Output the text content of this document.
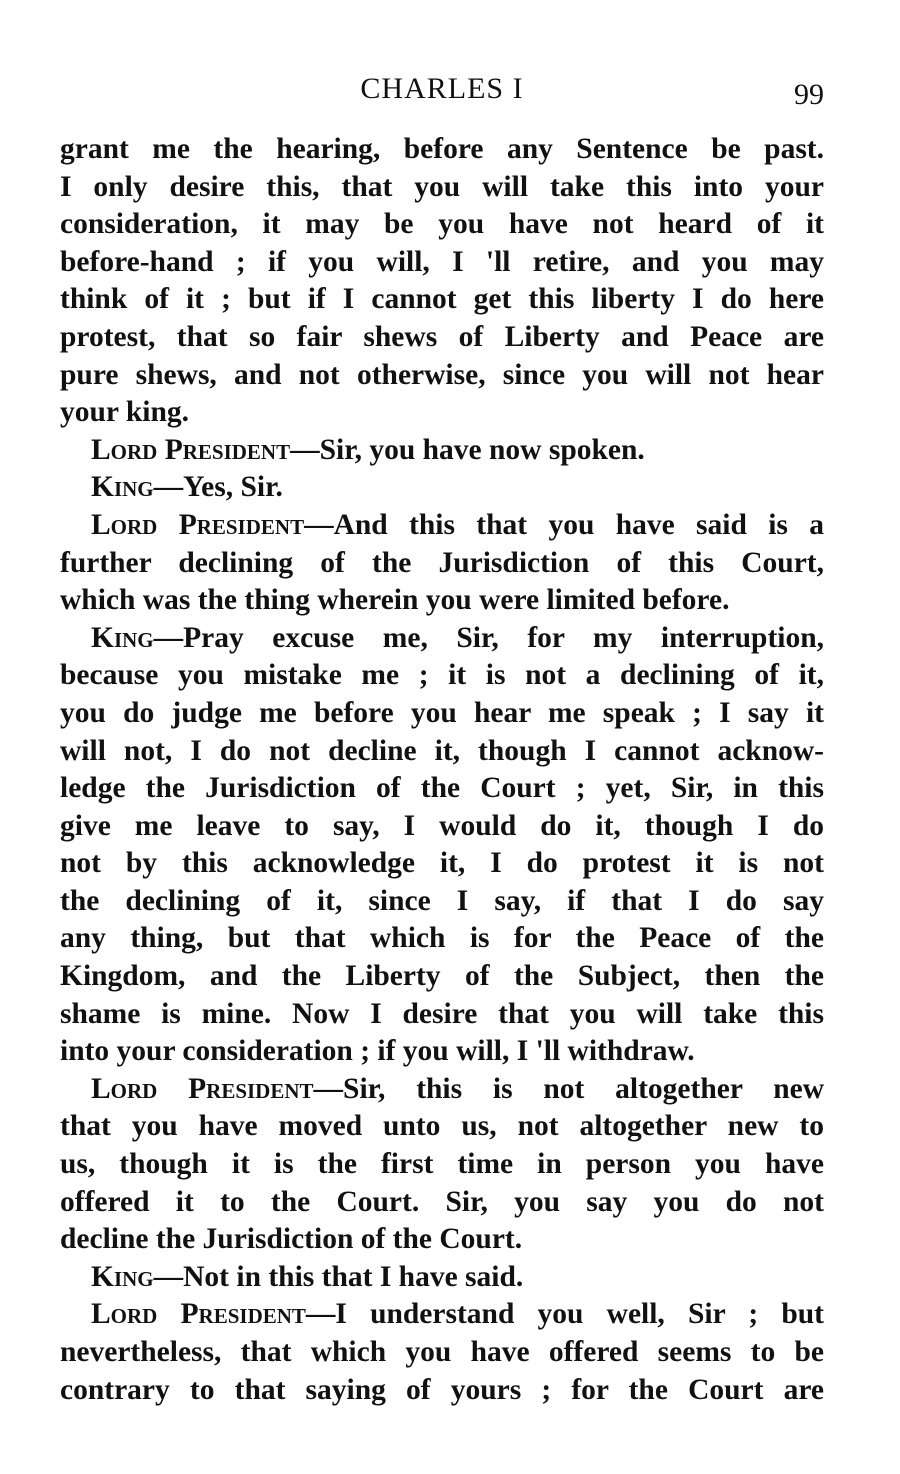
CHARLES I	99
grant me the hearing, before any Sentence be past.
I only desire this, that you will take this into your
consideration, it may be you have not heard of it
before-hand ; if you will, I 'll retire, and you may
think of it ; but if I cannot get this liberty I do here
protest, that so fair shews of Liberty and Peace are
pure shews, and not otherwise, since you will not hear
your king.
Lord President—Sir, you have now spoken.
King—Yes, Sir.
Lord President—And this that you have said is a
further declining of the Jurisdiction of this Court,
which was the thing wherein you were limited before.
King—Pray excuse me, Sir, for my interruption,
because you mistake me ; it is not a declining of it,
you do judge me before you hear me speak ; I say it
will not, I do not decline it, though I cannot acknow-
ledge the Jurisdiction of the Court ; yet, Sir, in this
give me leave to say, I would do it, though I do
not by this acknowledge it, I do protest it is not
the declining of it, since I say, if that I do say
any thing, but that which is for the Peace of the
Kingdom, and the Liberty of the Subject, then the
shame is mine. Now I desire that you will take this
into your consideration ; if you will, I 'll withdraw.
Lord President—Sir, this is not altogether new
that you have moved unto us, not altogether new to
us, though it is the first time in person you have
offered it to the Court. Sir, you say you do not
decline the Jurisdiction of the Court.
King—Not in this that I have said.
Lord President—I understand you well, Sir ; but
nevertheless, that which you have offered seems to be
contrary to that saying of yours ; for the Court are
